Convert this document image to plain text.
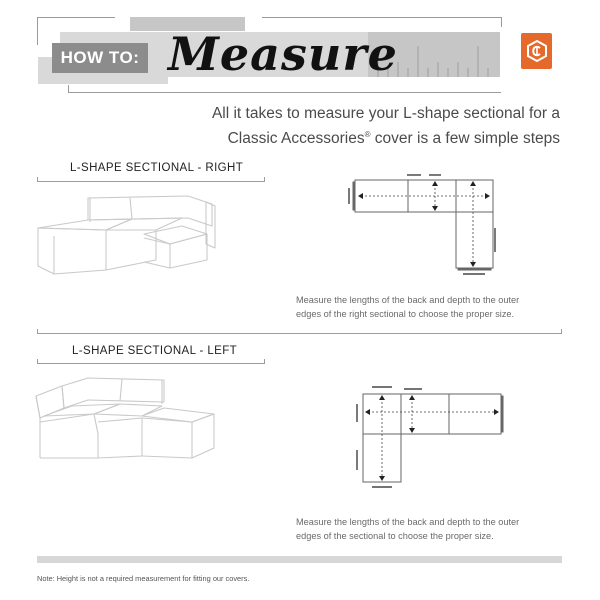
HOW TO: Measure
All it takes to measure your L-shape sectional for a
Classic Accessories® cover is a few simple steps
L-SHAPE SECTIONAL - RIGHT
Measure the lengths of the back and depth to the outer
edges of the right sectional to choose the proper size.
L-SHAPE SECTIONAL - LEFT
Measure the lengths of the back and depth to the outer
edges of the sectional to choose the proper size.
Note: Height is not a required measurement for fitting our covers.
